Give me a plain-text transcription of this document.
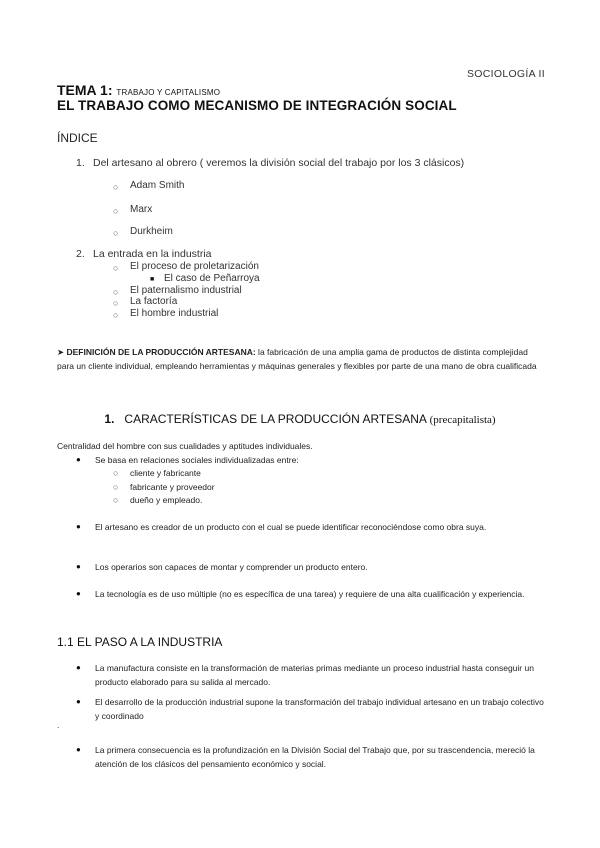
SOCIOLOGÍA II
TEMA 1: TRABAJO Y CAPITALISMO
EL TRABAJO COMO MECANISMO DE INTEGRACIÓN SOCIAL
ÍNDICE
1. Del artesano al obrero ( veremos la división social del trabajo por los 3 clásicos)
○ Adam Smith
○ Marx
○ Durkheim
2. La entrada en la industria
○ El proceso de proletarización
■ El caso de Peñarroya
○ El paternalismo industrial
○ La factoría
○ El hombre industrial
➤ DEFINICIÓN DE LA PRODUCCIÓN ARTESANA: la fabricación de una amplia gama de productos de distinta complejidad para un cliente individual, empleando herramientas y máquinas generales y flexibles por parte de una mano de obra cualificada
1. CARACTERÍSTICAS DE LA PRODUCCIÓN ARTESANA (precapitalista)
Centralidad del hombre con sus cualidades y aptitudes individuales.
● Se basa en relaciones sociales individualizadas entre:
○ cliente y fabricante
○ fabricante y proveedor
○ dueño y empleado.
● El artesano es creador de un producto con el cual se puede identificar reconociéndose como obra suya.
● Los operarios son capaces de montar y comprender un producto entero.
● La tecnología es de uso múltiple (no es específica de una tarea) y requiere de una alta cualificación y experiencia.
1.1 EL PASO A LA INDUSTRIA
● La manufactura consiste en la transformación de materias primas mediante un proceso industrial hasta conseguir un producto elaborado para su salida al mercado.
● El desarrollo de la producción industrial supone la transformación del trabajo individual artesano en un trabajo colectivo y coordinado
.
● La primera consecuencia es la profundización en la División Social del Trabajo que, por su trascendencia, mereció la atención de los clásicos del pensamiento económico y social.
